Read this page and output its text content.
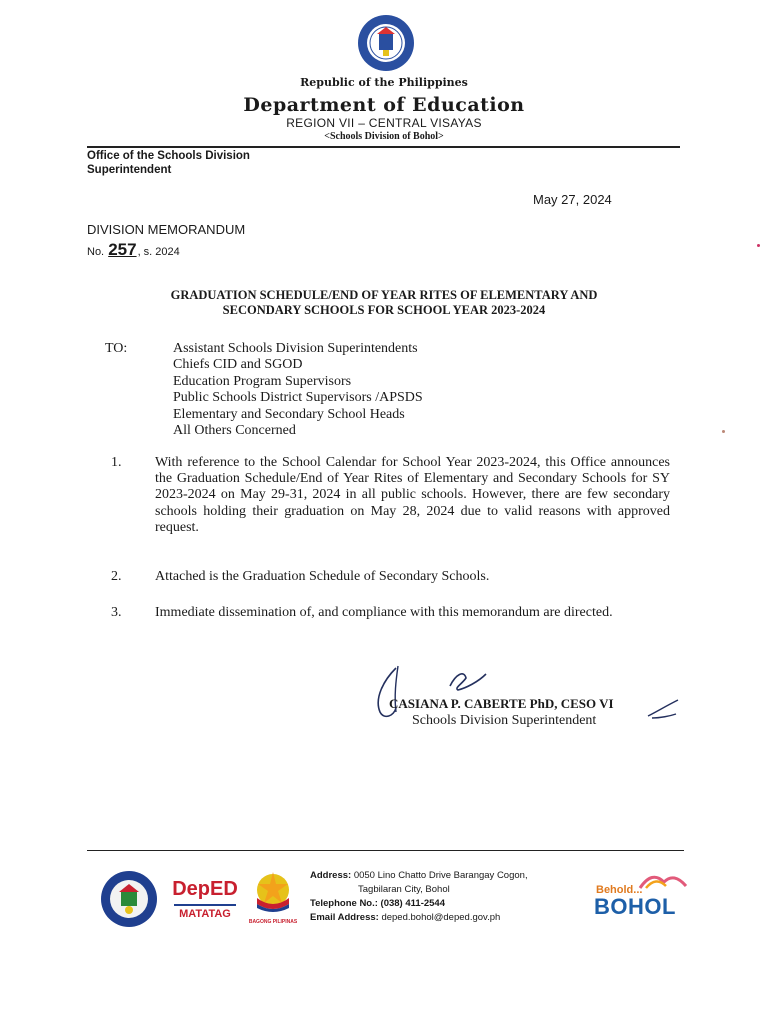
Republic of the Philippines
Department of Education
REGION VII – CENTRAL VISAYAS
<Schools Division of Bohol>
Office of the Schools Division Superintendent
May 27, 2024
DIVISION MEMORANDUM
No. 257, s. 2024
GRADUATION SCHEDULE/END OF YEAR RITES OF ELEMENTARY AND
SECONDARY SCHOOLS FOR SCHOOL YEAR 2023-2024
TO:	Assistant Schools Division Superintendents
Chiefs CID and SGOD
Education Program Supervisors
Public Schools District Supervisors /APSDS
Elementary and Secondary School Heads
All Others Concerned
1. With reference to the School Calendar for School Year 2023-2024, this Office announces the Graduation Schedule/End of Year Rites of Elementary and Secondary Schools for SY 2023-2024 on May 29-31, 2024 in all public schools. However, there are few secondary schools holding their graduation on May 28, 2024 due to valid reasons with approved request.
2. Attached is the Graduation Schedule of Secondary Schools.
3. Immediate dissemination of, and compliance with this memorandum are directed.
CASIANA P. CABERTE PhD, CESO VI
Schools Division Superintendent
DepED
MATATAG
BAGONG PILIPINAS
Address: 0050 Lino Chatto Drive Barangay Cogon,
Tagbilaran City, Bohol
Telephone No.: (038) 411-2544
Email Address: deped.bohol@deped.gov.ph
Behold...
BOHOL
